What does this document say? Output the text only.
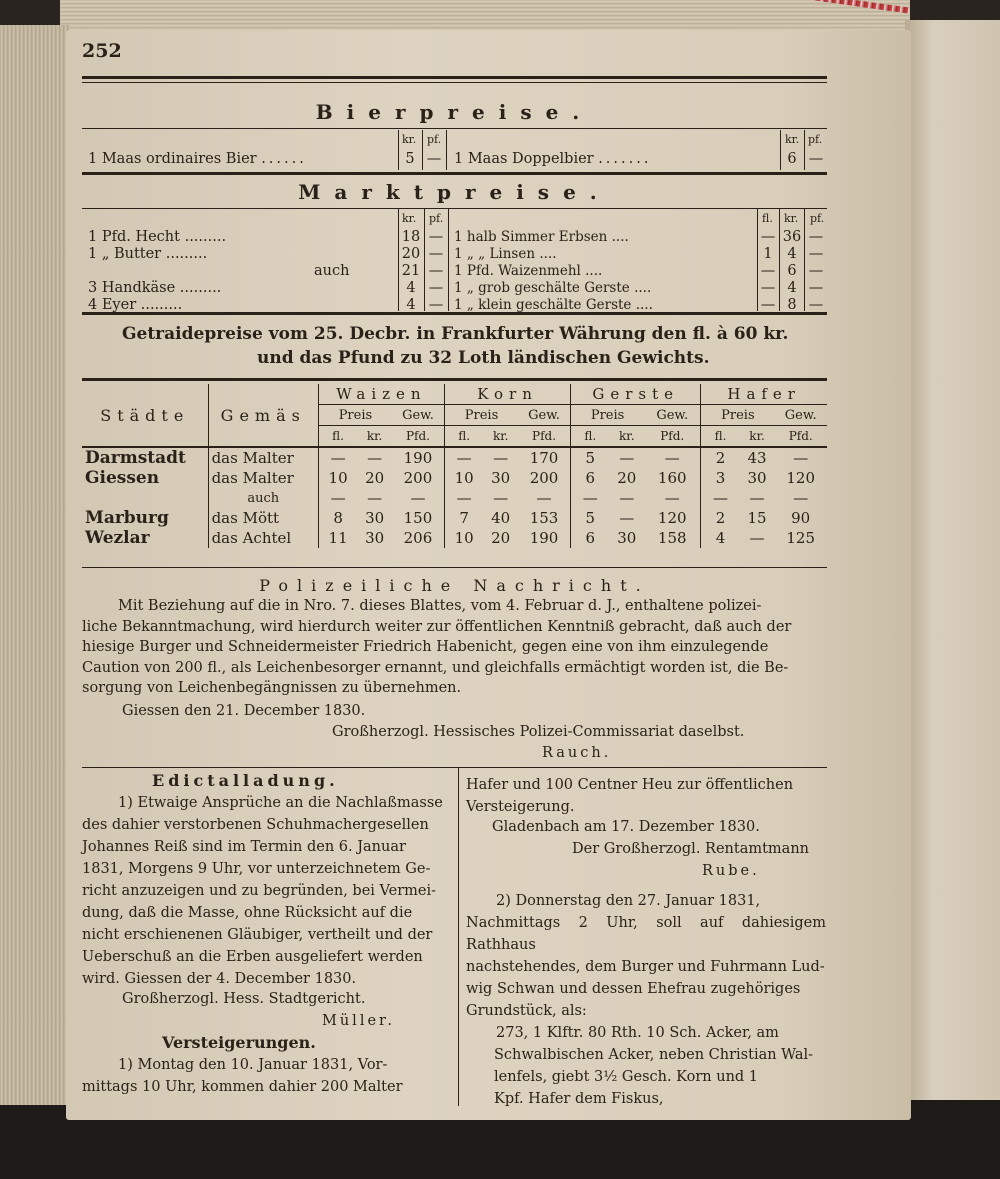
252
Bierpreise.
kr. pf.	kr. pf.
1 Maas ordinaires Bier ......	5 — 1 Maas Doppelbier .......	6 —
Marktpreise.
kr. pf.	fl. kr. pf.
1 Pfd. Hecht .........	18 —
1 „ Butter .........	20 —
auch	21 —
3 Handkäse .........	4 —
4 Eyer .........	4 —
1 halb Simmer Erbsen ....	— 36 —
1 „ „ Linsen ....	1	4 —
1 Pfd. Waizenmehl ....	— 6 —
1 „ grob geschälte Gerste ....	— 4 —
1 „ klein geschälte Gerste ....	— 8 —
Getraidepreise vom 25. Decbr. in Frankfurter Währung den fl. à 60 kr.
und das Pfund zu 32 Loth ländischen Gewichts.
Städte	Gemäs	Waizen			Korn			Gerste			Hafer		
		Preis		Gew.	Preis		Gew.	Preis		Gew.	Preis		Gew.
		fl.	kr.	Pfd.	fl.	kr.	Pfd.	fl.	kr.	Pfd.	fl.	kr.	Pfd.
Darmstadt	das Malter	—	—	190	—	—	170	5	—	—	2	43	—
Giessen	das Malter	10	20	200	10	30	200	6	20	160	3	30	120
	auch	—	—	—	—	—	—	—	—	—	—	—	—
Marburg	das Mött	8	30	150	7	40	153	5	—	120	2	15	90
Wezlar	das Achtel	11	30	206	10	20	190	6	30	158	4	—	125
Polizeiliche Nachricht.

Mit Beziehung auf die in Nro. 7. dieses Blattes, vom 4. Februar d. J., enthaltene polizei-

liche Bekanntmachung, wird hierdurch weiter zur öffentlichen Kenntniß gebracht, daß auch der

hiesige Burger und Schneidermeister Friedrich Habenicht, gegen eine von ihm einzulegende

Caution von 200 fl., als Leichenbesorger ernannt, und gleichfalls ermächtigt worden ist, die Be-

sorgung von Leichenbegängnissen zu übernehmen.

Giessen den 21. December 1830.
Großherzogl. Hessisches Polizei-Commissariat daselbst.
Rauch.
Edictalladung.

1) Etwaige Ansprüche an die Nachlaßmasse

des dahier verstorbenen Schuhmachergesellen

Johannes Reiß sind im Termin den 6. Januar

1831, Morgens 9 Uhr, vor unterzeichnetem Ge-

richt anzuzeigen und zu begründen, bei Vermei-

dung, daß die Masse, ohne Rücksicht auf die

nicht erschienenen Gläubiger, vertheilt und der

Ueberschuß an die Erben ausgeliefert werden

wird. Giessen der 4. December 1830.

Großherzogl. Hess. Stadtgericht.
Müller.
Versteigerungen.

1) Montag den 10. Januar 1831, Vor-

mittags 10 Uhr, kommen dahier 200 Malter

Hafer und 100 Centner Heu zur öffentlichen

Versteigerung.

Gladenbach am 17. Dezember 1830.
Der Großherzogl. Rentamtmann
Rube.

2) Donnerstag den 27. Januar 1831,

Nachmittags 2 Uhr, soll auf dahiesigem Rathhaus

nachstehendes, dem Burger und Fuhrmann Lud-

wig Schwan und dessen Ehefrau zugehöriges

Grundstück, als:

273, 1 Klftr. 80 Rth. 10 Sch. Acker, am

Schwalbischen Acker, neben Christian Wal-

lenfels, giebt 3¹⁄₂ Gesch. Korn und 1

Kpf. Hafer dem Fiskus,
